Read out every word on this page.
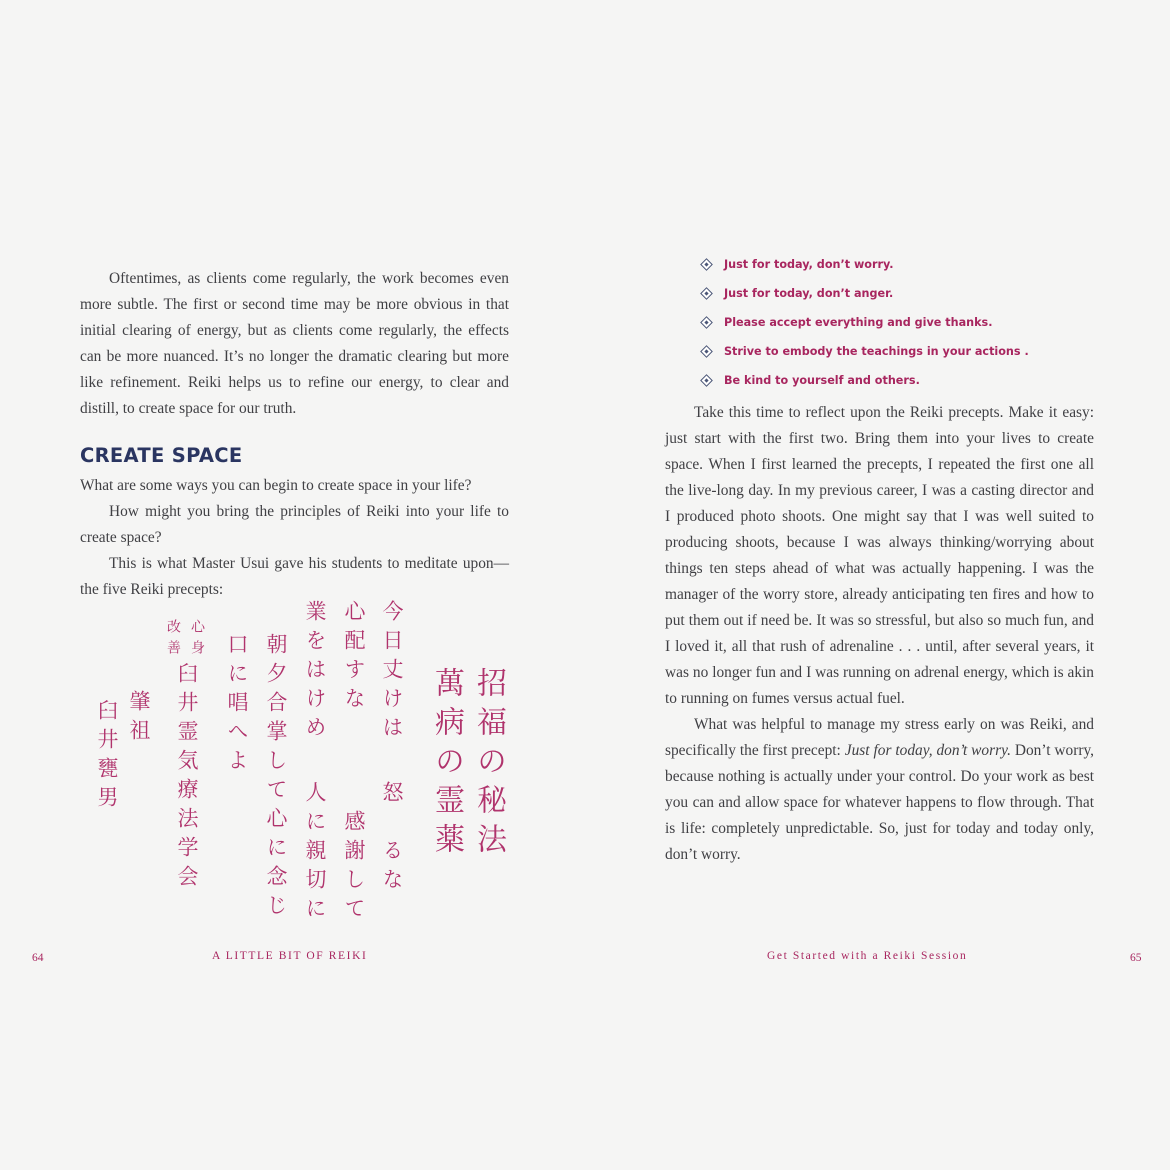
Oftentimes, as clients come regularly, the work becomes even more subtle. The first or second time may be more obvious in that initial clearing of energy, but as clients come regularly, the effects can be more nuanced. It’s no longer the dramatic clearing but more like refinement. Reiki helps us to refine our energy, to clear and distill, to create space for our truth.

CREATE SPACE

What are some ways you can begin to create space in your life?

How might you bring the principles of Reiki into your life to create space?

This is what Master Usui gave his students to meditate upon—the five Reiki precepts:

招福の秘法
萬病の霊薬
今日丈けは
怒　るな
心配すな
感謝して
業をはけめ
人に親切に
朝夕合掌して心に念じ
口に唱へよ
心身
改善
臼井霊気療法学会
肇祖
臼井甕男
64	A LITTLE BIT OF REIKI
Just for today, don’t worry.
Just for today, don’t anger.
Please accept everything and give thanks.
Strive to embody the teachings in your actions .
Be kind to yourself and others.

Take this time to reflect upon the Reiki precepts. Make it easy: just start with the first two. Bring them into your lives to create space. When I first learned the precepts, I repeated the first one all the live-long day. In my previous career, I was a casting director and I produced photo shoots. One might say that I was well suited to producing shoots, because I was always thinking/worrying about things ten steps ahead of what was actually happening. I was the manager of the worry store, already anticipating ten fires and how to put them out if need be. It was so stressful, but also so much fun, and I loved it, all that rush of adrenaline . . . until, after several years, it was no longer fun and I was running on adrenal energy, which is akin to running on fumes versus actual fuel.

What was helpful to manage my stress early on was Reiki, and specifically the first precept: Just for today, don’t worry. Don’t worry, because nothing is actually under your control. Do your work as best you can and allow space for whatever happens to flow through. That is life: completely unpredictable. So, just for today and today only, don’t worry.

Get Started with a Reiki Session	65
